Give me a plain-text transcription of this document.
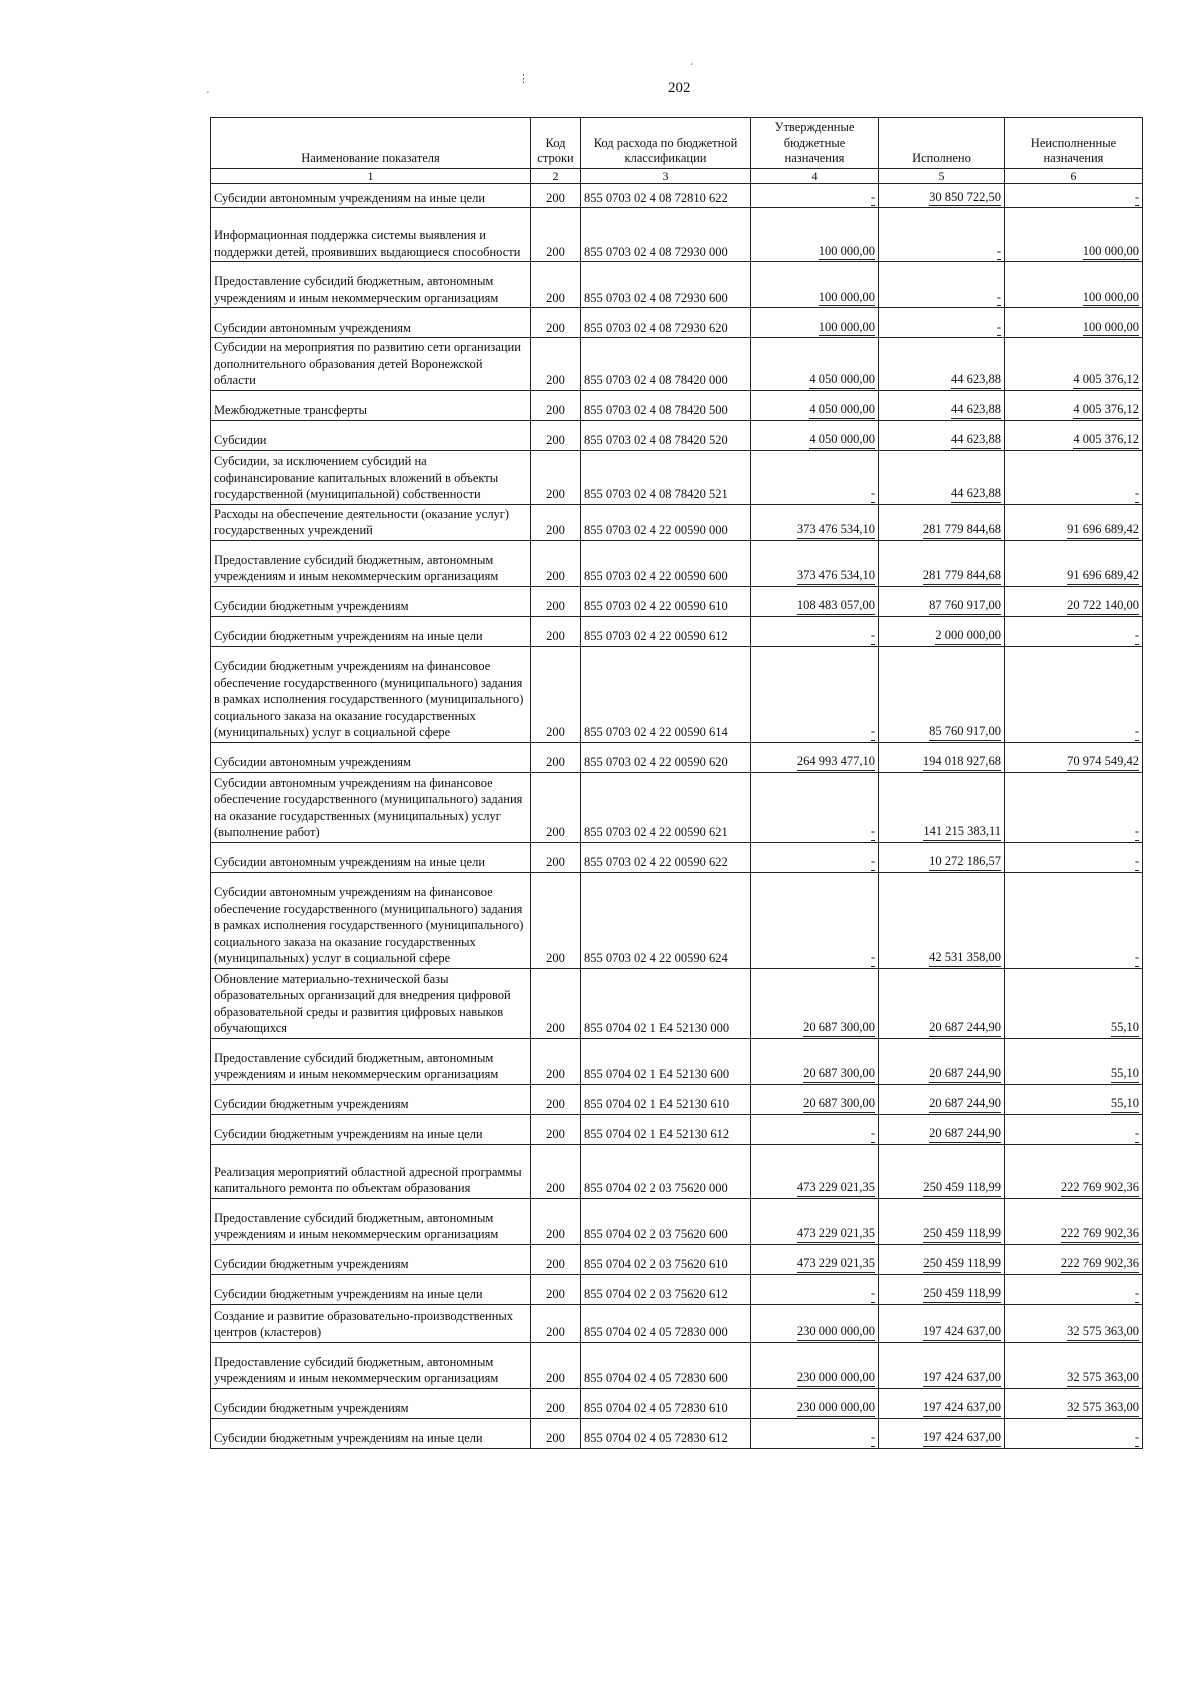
202
´
⋮
´
Наименование показателя	Код строки	Код расхода по бюджетной классификации	Утвержденные бюджетные назначения	Исполнено	Неисполненные назначения
1	2	3	4	5	6
Субсидии автономным учреждениям на иные цели	200	855 0703 02 4 08 72810 622	-	30 850 722,50	-
Информационная поддержка системы выявления и поддержки детей, проявивших выдающиеся способности	200	855 0703 02 4 08 72930 000	100 000,00	-	100 000,00
Предоставление субсидий бюджетным, автономным учреждениям и иным некоммерческим организациям	200	855 0703 02 4 08 72930 600	100 000,00	-	100 000,00
Субсидии автономным учреждениям	200	855 0703 02 4 08 72930 620	100 000,00	-	100 000,00
Субсидии на мероприятия по развитию сети организации дополнительного образования детей Воронежской области	200	855 0703 02 4 08 78420 000	4 050 000,00	44 623,88	4 005 376,12
Межбюджетные трансферты	200	855 0703 02 4 08 78420 500	4 050 000,00	44 623,88	4 005 376,12
Субсидии	200	855 0703 02 4 08 78420 520	4 050 000,00	44 623,88	4 005 376,12
Субсидии, за исключением субсидий на софинансирование капитальных вложений в объекты государственной (муниципальной) собственности	200	855 0703 02 4 08 78420 521	-	44 623,88	-
Расходы на обеспечение деятельности (оказание услуг) государственных учреждений	200	855 0703 02 4 22 00590 000	373 476 534,10	281 779 844,68	91 696 689,42
Предоставление субсидий бюджетным, автономным учреждениям и иным некоммерческим организациям	200	855 0703 02 4 22 00590 600	373 476 534,10	281 779 844,68	91 696 689,42
Субсидии бюджетным учреждениям	200	855 0703 02 4 22 00590 610	108 483 057,00	87 760 917,00	20 722 140,00
Субсидии бюджетным учреждениям на иные цели	200	855 0703 02 4 22 00590 612	-	2 000 000,00	-
Субсидии бюджетным учреждениям на финансовое обеспечение государственного (муниципального) задания в рамках исполнения государственного (муниципального) социального заказа на оказание государственных (муниципальных) услуг в социальной сфере	200	855 0703 02 4 22 00590 614	-	85 760 917,00	-
Субсидии автономным учреждениям	200	855 0703 02 4 22 00590 620	264 993 477,10	194 018 927,68	70 974 549,42
Субсидии автономным учреждениям на финансовое обеспечение государственного (муниципального) задания на оказание государственных (муниципальных) услуг (выполнение работ)	200	855 0703 02 4 22 00590 621	-	141 215 383,11	-
Субсидии автономным учреждениям на иные цели	200	855 0703 02 4 22 00590 622	-	10 272 186,57	-
Субсидии автономным учреждениям на финансовое обеспечение государственного (муниципального) задания в рамках исполнения государственного (муниципального) социального заказа на оказание государственных (муниципальных) услуг в социальной сфере	200	855 0703 02 4 22 00590 624	-	42 531 358,00	-
Обновление материально-технической базы образовательных организаций для внедрения цифровой образовательной среды и развития цифровых навыков обучающихся	200	855 0704 02 1 E4 52130 000	20 687 300,00	20 687 244,90	55,10
Предоставление субсидий бюджетным, автономным учреждениям и иным некоммерческим организациям	200	855 0704 02 1 E4 52130 600	20 687 300,00	20 687 244,90	55,10
Субсидии бюджетным учреждениям	200	855 0704 02 1 E4 52130 610	20 687 300,00	20 687 244,90	55,10
Субсидии бюджетным учреждениям на иные цели	200	855 0704 02 1 E4 52130 612	-	20 687 244,90	-
Реализация мероприятий областной адресной программы капитального ремонта по объектам образования	200	855 0704 02 2 03 75620 000	473 229 021,35	250 459 118,99	222 769 902,36
Предоставление субсидий бюджетным, автономным учреждениям и иным некоммерческим организациям	200	855 0704 02 2 03 75620 600	473 229 021,35	250 459 118,99	222 769 902,36
Субсидии бюджетным учреждениям	200	855 0704 02 2 03 75620 610	473 229 021,35	250 459 118,99	222 769 902,36
Субсидии бюджетным учреждениям на иные цели	200	855 0704 02 2 03 75620 612	-	250 459 118,99	-
Создание и развитие образовательно-производственных центров (кластеров)	200	855 0704 02 4 05 72830 000	230 000 000,00	197 424 637,00	32 575 363,00
Предоставление субсидий бюджетным, автономным учреждениям и иным некоммерческим организациям	200	855 0704 02 4 05 72830 600	230 000 000,00	197 424 637,00	32 575 363,00
Субсидии бюджетным учреждениям	200	855 0704 02 4 05 72830 610	230 000 000,00	197 424 637,00	32 575 363,00
Субсидии бюджетным учреждениям на иные цели	200	855 0704 02 4 05 72830 612	-	197 424 637,00	-
